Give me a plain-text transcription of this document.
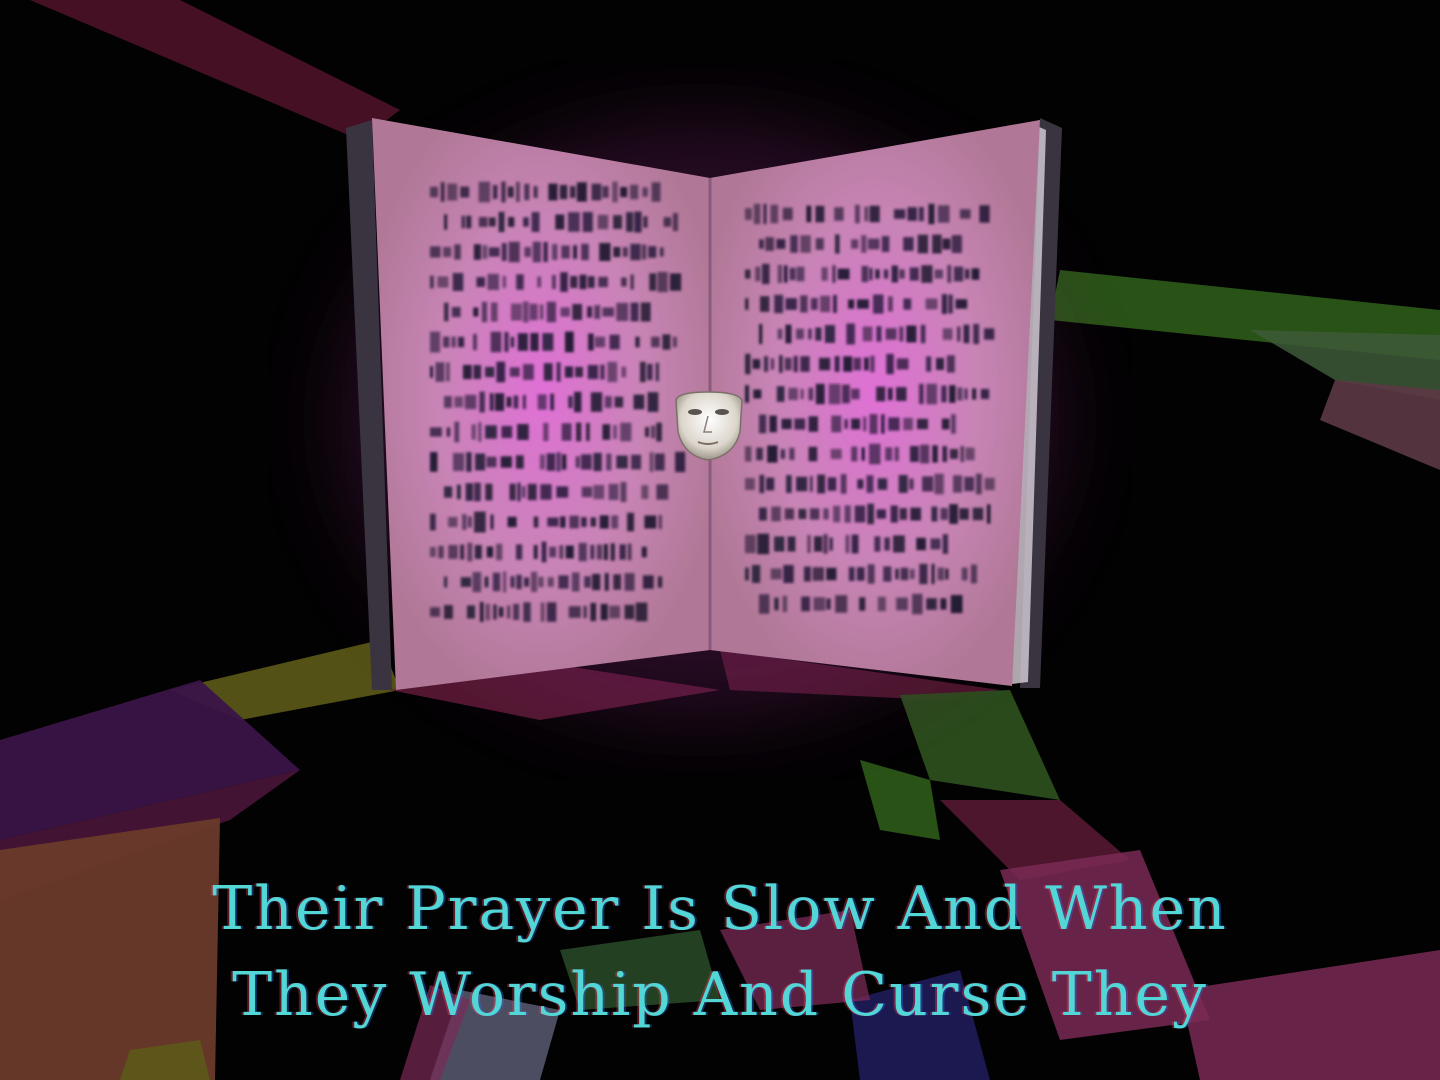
Their Prayer Is Slow And When
They Worship And Curse They
